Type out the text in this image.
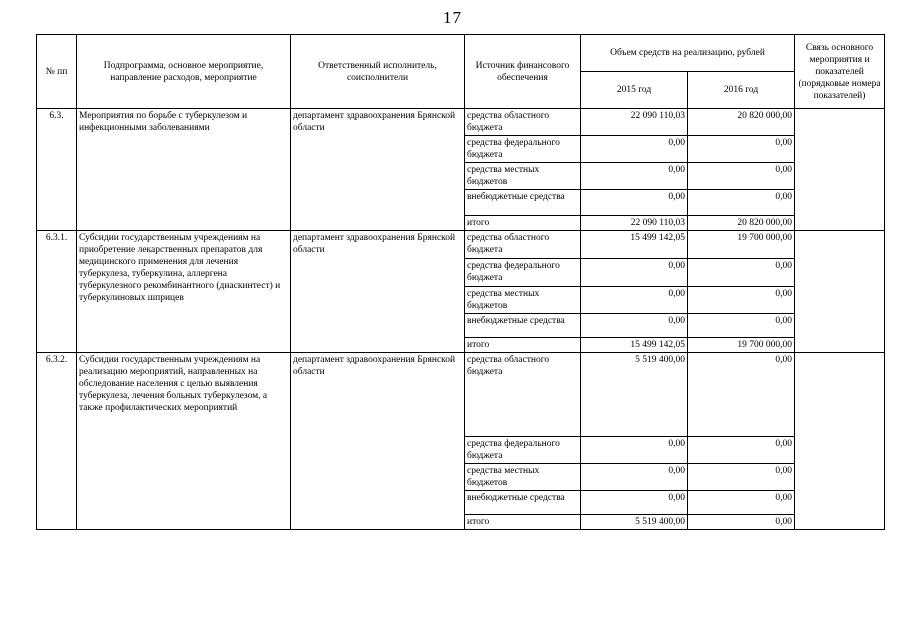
17
№ пп	Подпрограмма, основное мероприятие, направление расходов, мероприятие	Ответственный исполнитель, соисполнители	Источник финансового обеспечения	Объем средств на реализацию, рублей		Связь основного мероприятия и показателей (порядковые номера показателей)
				2015 год	2016 год	
6.3.	Мероприятия по борьбе с туберкулезом и инфекционными заболеваниями	департамент здравоохранения Брянской области	средства областного бюджета	22 090 110,03	20 820 000,00	
			средства федерального бюджета	0,00	0,00	
			средства местных бюджетов	0,00	0,00	
			внебюджетные средства	0,00	0,00	
			итого	22 090 110,03	20 820 000,00	
6.3.1.	Субсидии государственным учреждениям на приобретение лекарственных препаратов для медицинского применения для лечения туберкулеза, туберкулина, аллергена туберкулезного рекомбинантного (диаскинтест) и туберкулиновых шприцев	департамент здравоохранения Брянской области	средства областного бюджета	15 499 142,05	19 700 000,00	
			средства федерального бюджета	0,00	0,00	
			средства местных бюджетов	0,00	0,00	
			внебюджетные средства	0,00	0,00	
			итого	15 499 142,05	19 700 000,00	
6.3.2.	Субсидии государственным учреждениям на реализацию мероприятий, направленных на обследование населения с целью выявления туберкулеза, лечения больных туберкулезом, а также профилактических мероприятий	департамент здравоохранения Брянской области	средства областного бюджета	5 519 400,00	0,00	
			средства федерального бюджета	0,00	0,00	
			средства местных бюджетов	0,00	0,00	
			внебюджетные средства	0,00	0,00	
			итого	5 519 400,00	0,00	
